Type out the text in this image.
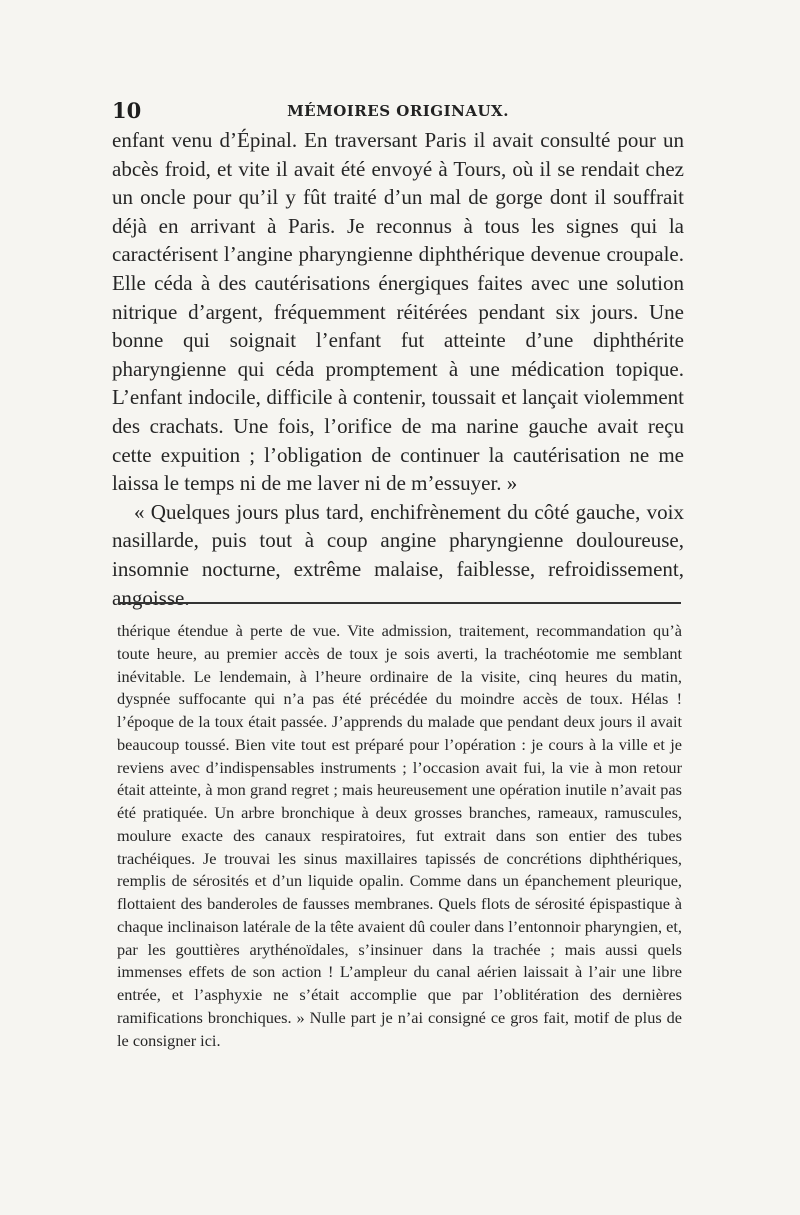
10	MÉMOIRES ORIGINAUX.

enfant venu d’Épinal. En traversant Paris il avait consulté pour un abcès froid, et vite il avait été envoyé à Tours, où il se rendait chez un oncle pour qu’il y fût traité d’un mal de gorge dont il souffrait déjà en arrivant à Paris. Je reconnus à tous les signes qui la caractérisent l’angine pharyngienne diphthérique devenue croupale. Elle céda à des cautérisations énergiques faites avec une solution nitrique d’argent, fréquemment réitérées pendant six jours. Une bonne qui soignait l’enfant fut atteinte d’une diphthérite pharyngienne qui céda promptement à une médication topique. L’enfant indocile, difficile à contenir, toussait et lançait violemment des crachats. Une fois, l’orifice de ma narine gauche avait reçu cette expuition ; l’obligation de continuer la cautérisation ne me laissa le temps ni de me laver ni de m’essuyer. »

« Quelques jours plus tard, enchifrènement du côté gauche, voix nasillarde, puis tout à coup angine pharyngienne douloureuse, insomnie nocturne, extrême malaise, faiblesse, refroidissement, angoisse.

thérique étendue à perte de vue. Vite admission, traitement, recommandation qu’à toute heure, au premier accès de toux je sois averti, la trachéotomie me semblant inévitable. Le lendemain, à l’heure ordinaire de la visite, cinq heures du matin, dyspnée suffocante qui n’a pas été précédée du moindre accès de toux. Hélas ! l’époque de la toux était passée. J’apprends du malade que pendant deux jours il avait beaucoup toussé. Bien vite tout est préparé pour l’opération : je cours à la ville et je reviens avec d’indispensables instruments ; l’occasion avait fui, la vie à mon retour était atteinte, à mon grand regret ; mais heureusement une opération inutile n’avait pas été pratiquée. Un arbre bronchique à deux grosses branches, rameaux, ramuscules, moulure exacte des canaux respiratoires, fut extrait dans son entier des tubes trachéiques. Je trouvai les sinus maxillaires tapissés de concrétions diphthériques, remplis de sérosités et d’un liquide opalin. Comme dans un épanchement pleurique, flottaient des banderoles de fausses membranes. Quels flots de sérosité épispastique à chaque inclinaison latérale de la tête avaient dû couler dans l’entonnoir pharyngien, et, par les gouttières arythénoïdales, s’insinuer dans la trachée ; mais aussi quels immenses effets de son action ! L’ampleur du canal aérien laissait à l’air une libre entrée, et l’asphyxie ne s’était accomplie que par l’oblitération des dernières ramifications bronchiques. » Nulle part je n’ai consigné ce gros fait, motif de plus de le consigner ici.
